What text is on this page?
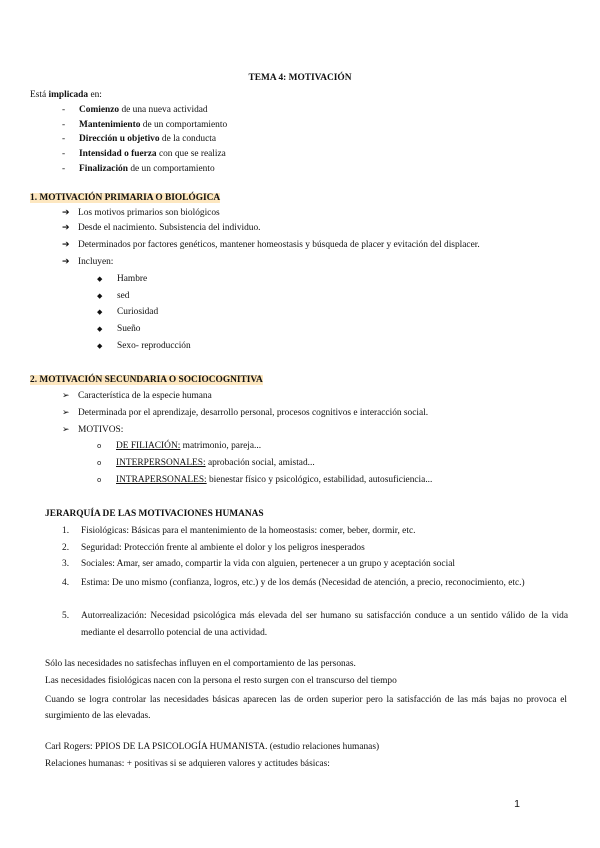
TEMA 4: MOTIVACIÓN
Está implicada en:
- Comienzo de una nueva actividad
- Mantenimiento de un comportamiento
- Dirección u objetivo de la conducta
- Intensidad o fuerza con que se realiza
- Finalización de un comportamiento
1. MOTIVACIÓN PRIMARIA O BIOLÓGICA
➔ Los motivos primarios son biológicos
➔ Desde el nacimiento. Subsistencia del individuo.
➔ Determinados por factores genéticos, mantener homeostasis y búsqueda de placer y evitación del displacer.
➔ Incluyen:
◆ Hambre
◆ sed
◆ Curiosidad
◆ Sueño
◆ Sexo- reproducción
2. MOTIVACIÓN SECUNDARIA O SOCIOCOGNITIVA
➢ Característica de la especie humana
➢ Determinada por el aprendizaje, desarrollo personal, procesos cognitivos e interacción social.
➢ MOTIVOS:
o DE FILIACIÓN: matrimonio, pareja...
o INTERPERSONALES: aprobación social, amistad...
o INTRAPERSONALES: bienestar físico y psicológico, estabilidad, autosuficiencia...
JERARQUÍA DE LAS MOTIVACIONES HUMANAS
1. Fisiológicas: Básicas para el mantenimiento de la homeostasis: comer, beber, dormir, etc.
2. Seguridad: Protección frente al ambiente el dolor y los peligros inesperados
3. Sociales: Amar, ser amado, compartir la vida con alguien, pertenecer a un grupo y aceptación social
4. Estima: De uno mismo (confianza, logros, etc.) y de los demás (Necesidad de atención, a precio, reconocimiento, etc.)
5. Autorrealización: Necesidad psicológica más elevada del ser humano su satisfacción conduce a un sentido válido de la vida mediante el desarrollo potencial de una actividad.
Sólo las necesidades no satisfechas influyen en el comportamiento de las personas.
Las necesidades fisiológicas nacen con la persona el resto surgen con el transcurso del tiempo
Cuando se logra controlar las necesidades básicas aparecen las de orden superior pero la satisfacción de las más bajas no provoca el surgimiento de las elevadas.
Carl Rogers: PPIOS DE LA PSICOLOGÍA HUMANISTA. (estudio relaciones humanas)
Relaciones humanas: + positivas si se adquieren valores y actitudes básicas:
1
